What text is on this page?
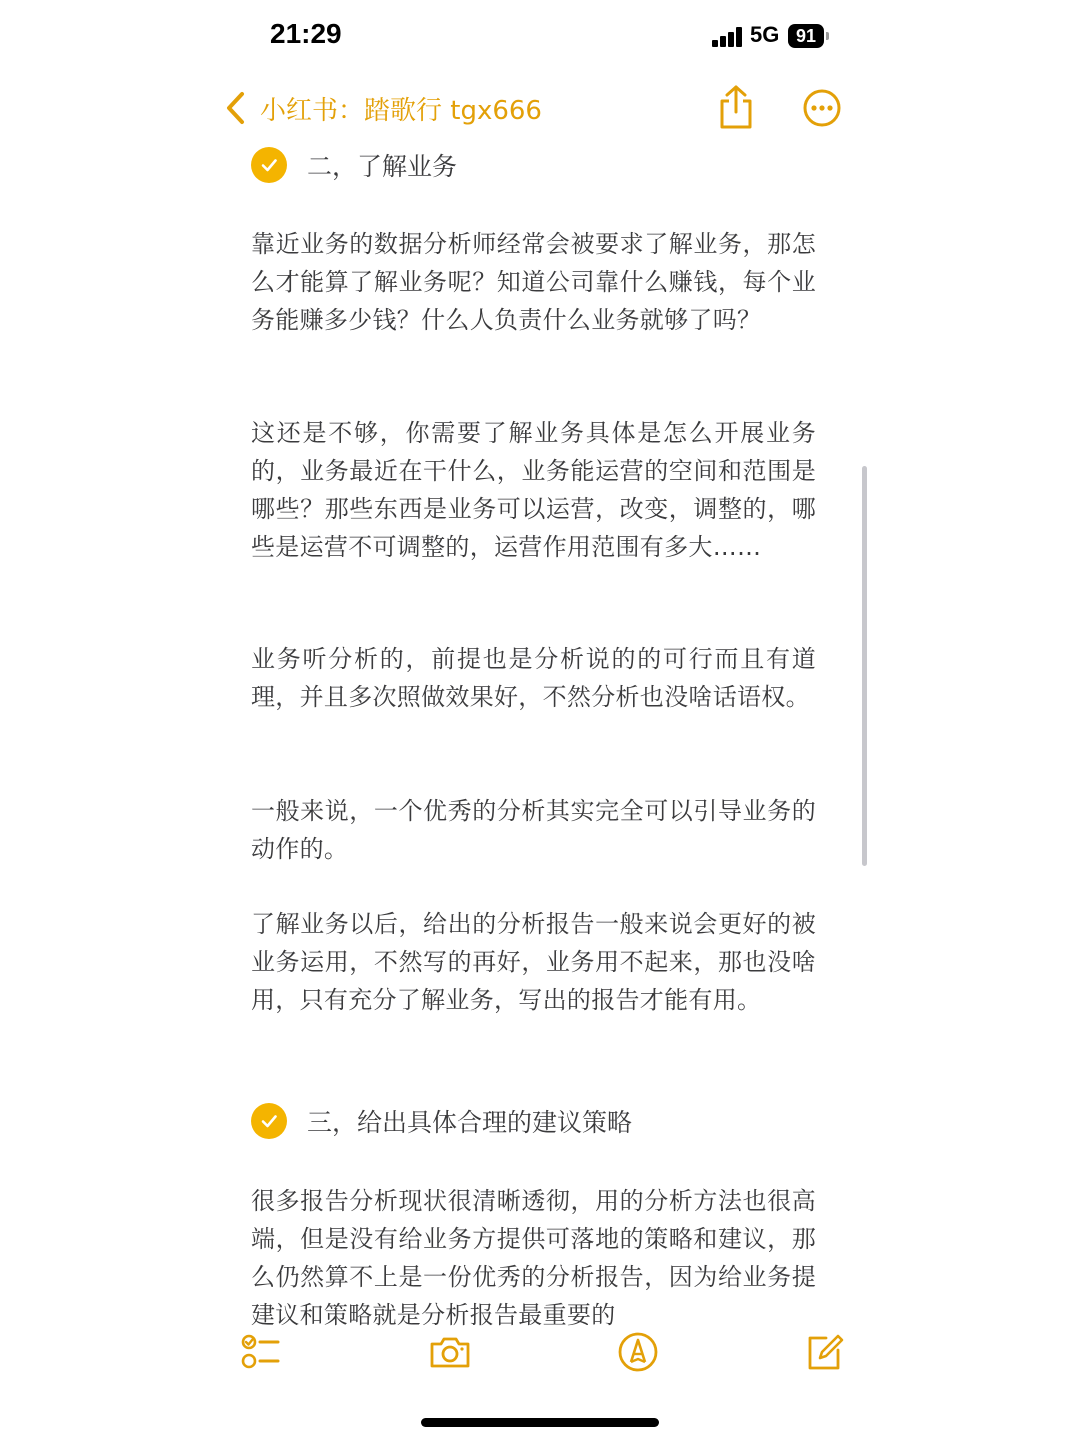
21:29	5G 91
小红书：踏歌行 tgx666
二，了解业务

靠近业务的数据分析师经常会被要求了解业务，那怎么才能算了解业务呢？知道公司靠什么赚钱，每个业务能赚多少钱？什么人负责什么业务就够了吗？

这还是不够，你需要了解业务具体是怎么开展业务的，业务最近在干什么，业务能运营的空间和范围是哪些？那些东西是业务可以运营，改变，调整的，哪些是运营不可调整的，运营作用范围有多大……

业务听分析的，前提也是分析说的的可行而且有道理，并且多次照做效果好，不然分析也没啥话语权。

一般来说，一个优秀的分析其实完全可以引导业务的动作的。

了解业务以后，给出的分析报告一般来说会更好的被业务运用，不然写的再好，业务用不起来，那也没啥用，只有充分了解业务，写出的报告才能有用。

三，给出具体合理的建议策略

很多报告分析现状很清晰透彻，用的分析方法也很高端，但是没有给业务方提供可落地的策略和建议，那么仍然算不上是一份优秀的分析报告，因为给业务提建议和策略就是分析报告最重要的
